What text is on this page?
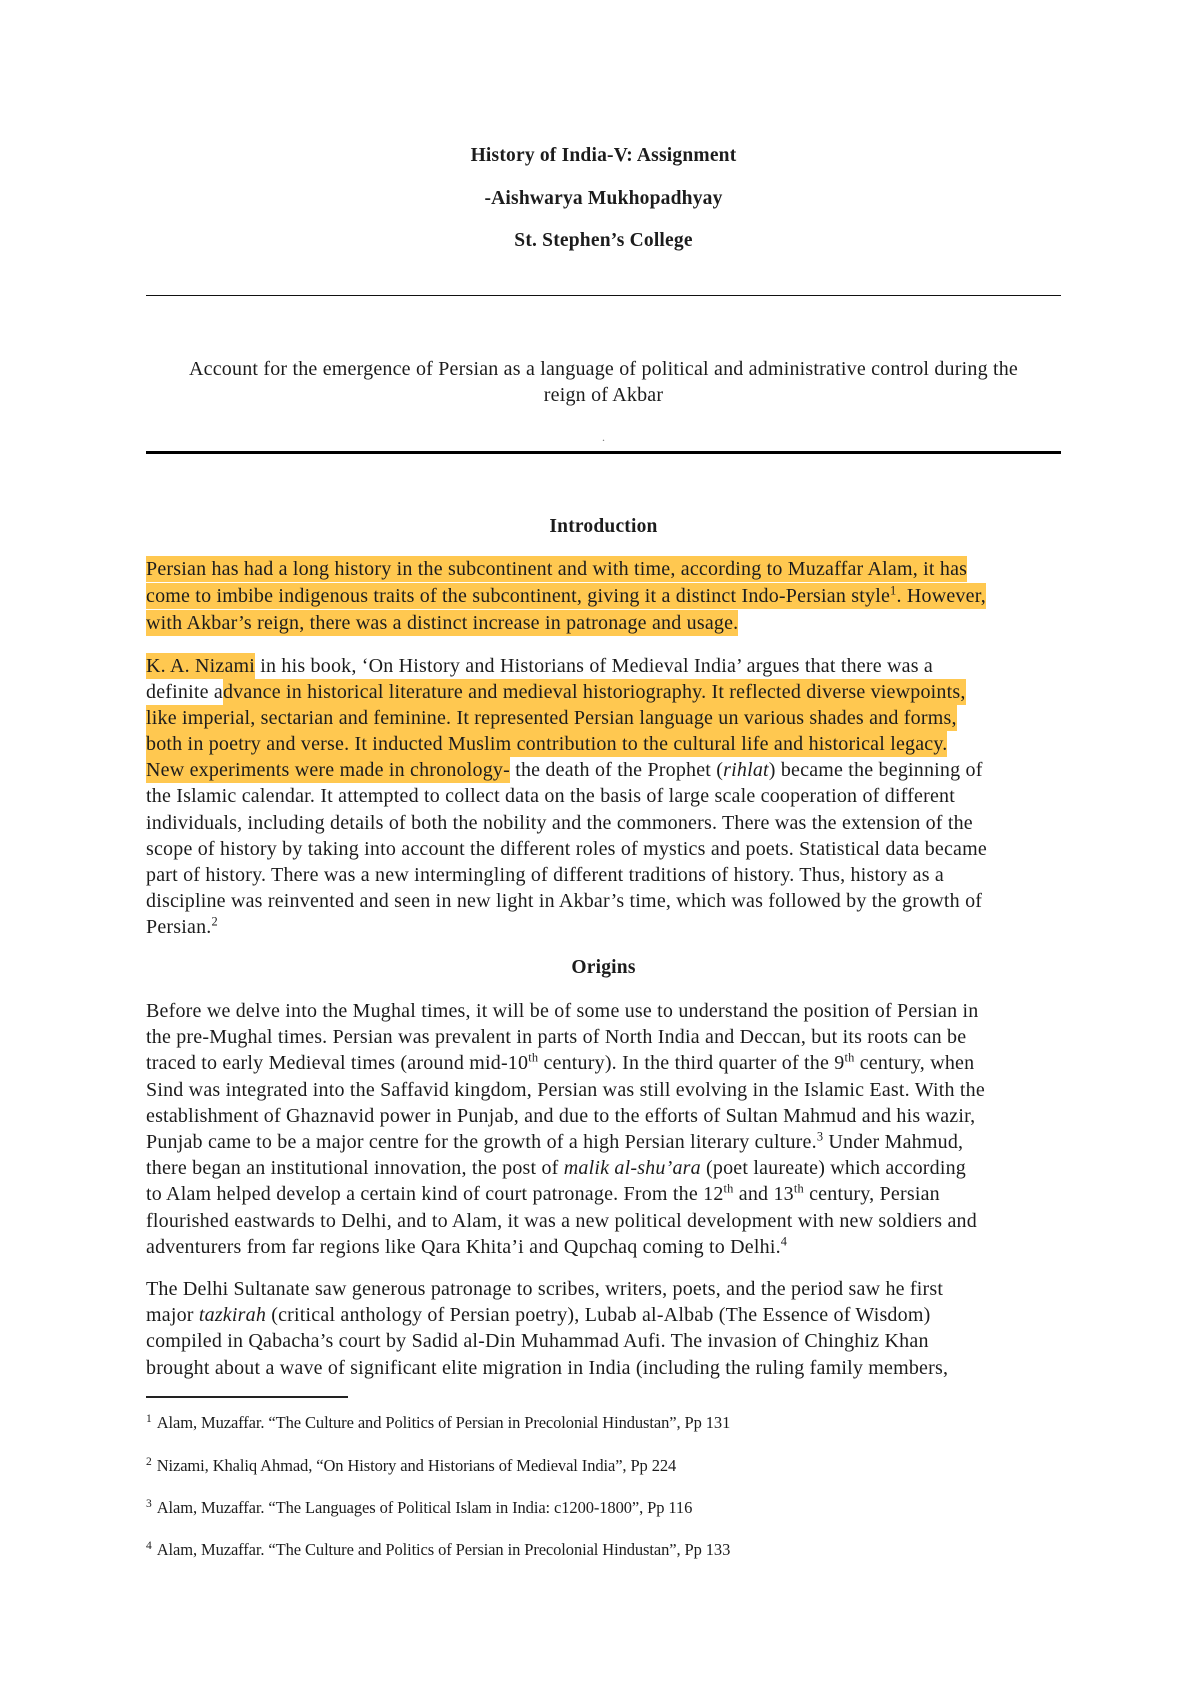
History of India-V: Assignment
-Aishwarya Mukhopadhyay
St. Stephen’s College
Account for the emergence of Persian as a language of political and administrative control during the
reign of Akbar
.
Introduction
Persian has had a long history in the subcontinent and with time, according to Muzaffar Alam, it has
come to imbibe indigenous traits of the subcontinent, giving it a distinct Indo-Persian style$^1$. However,
with Akbar’s reign, there was a distinct increase in patronage and usage.
K. A. Nizami in his book, ‘On History and Historians of Medieval India’ argues that there was a
definite advance in historical literature and medieval historiography. It reflected diverse viewpoints,
like imperial, sectarian and feminine. It represented Persian language un various shades and forms,
both in poetry and verse. It inducted Muslim contribution to the cultural life and historical legacy.
New experiments were made in chronology- the death of the Prophet (rihlat) became the beginning of
the Islamic calendar. It attempted to collect data on the basis of large scale cooperation of different
individuals, including details of both the nobility and the commoners. There was the extension of the
scope of history by taking into account the different roles of mystics and poets. Statistical data became
part of history. There was a new intermingling of different traditions of history. Thus, history as a
discipline was reinvented and seen in new light in Akbar’s time, which was followed by the growth of
Persian.$^2$
Origins
Before we delve into the Mughal times, it will be of some use to understand the position of Persian in
the pre-Mughal times. Persian was prevalent in parts of North India and Deccan, but its roots can be
traced to early Medieval times (around mid-10th century). In the third quarter of the 9th century, when
Sind was integrated into the Saffavid kingdom, Persian was still evolving in the Islamic East. With the
establishment of Ghaznavid power in Punjab, and due to the efforts of Sultan Mahmud and his wazir,
Punjab came to be a major centre for the growth of a high Persian literary culture.$^3$ Under Mahmud,
there began an institutional innovation, the post of malik al-shu’ara (poet laureate) which according
to Alam helped develop a certain kind of court patronage. From the 12th and 13th century, Persian
flourished eastwards to Delhi, and to Alam, it was a new political development with new soldiers and
adventurers from far regions like Qara Khita’i and Qupchaq coming to Delhi.$^4$
The Delhi Sultanate saw generous patronage to scribes, writers, poets, and the period saw he first
major tazkirah (critical anthology of Persian poetry), Lubab al-Albab (The Essence of Wisdom)
compiled in Qabacha’s court by Sadid al-Din Muhammad Aufi. The invasion of Chinghiz Khan
brought about a wave of significant elite migration in India (including the ruling family members,
$^1$ Alam, Muzaffar. “The Culture and Politics of Persian in Precolonial Hindustan”, Pp 131
$^2$ Nizami, Khaliq Ahmad, “On History and Historians of Medieval India”, Pp 224
$^3$ Alam, Muzaffar. “The Languages of Political Islam in India: c1200-1800”, Pp 116
$^4$ Alam, Muzaffar. “The Culture and Politics of Persian in Precolonial Hindustan”, Pp 133
